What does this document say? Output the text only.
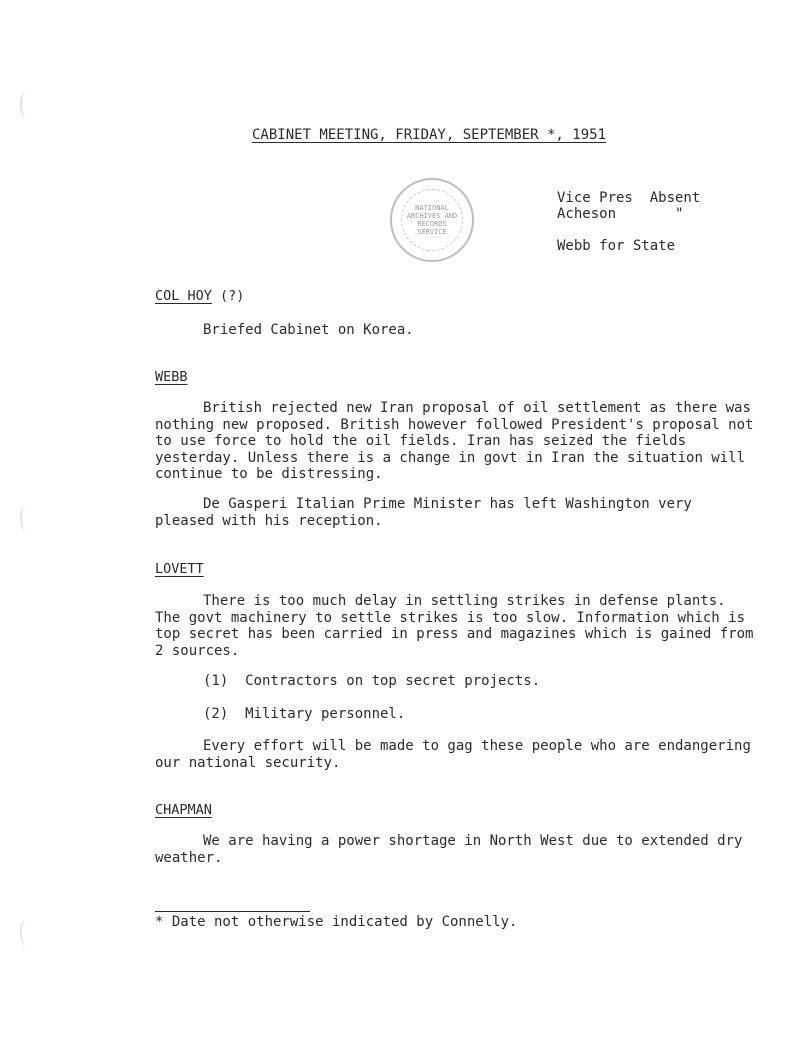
CABINET MEETING, FRIDAY, SEPTEMBER *, 1951
NATIONAL
ARCHIVES AND
RECORDS
SERVICE
Vice Pres  Absent
Acheson       "
Webb for State
COL HOY (?)
Briefed Cabinet on Korea.
WEBB
British rejected new Iran proposal of oil settlement as there was nothing new proposed. British however followed President's proposal not to use force to hold the oil fields. Iran has seized the fields yesterday. Unless there is a change in govt in Iran the situation will continue to be distressing.
De Gasperi Italian Prime Minister has left Washington very pleased with his reception.
LOVETT
There is too much delay in settling strikes in defense plants. The govt machinery to settle strikes is too slow. Information which is top secret has been carried in press and magazines which is gained from 2 sources.
(1)  Contractors on top secret projects.
(2)  Military personnel.
Every effort will be made to gag these people who are endangering our national security.
CHAPMAN
We are having a power shortage in North West due to extended dry weather.
* Date not otherwise indicated by Connelly.
